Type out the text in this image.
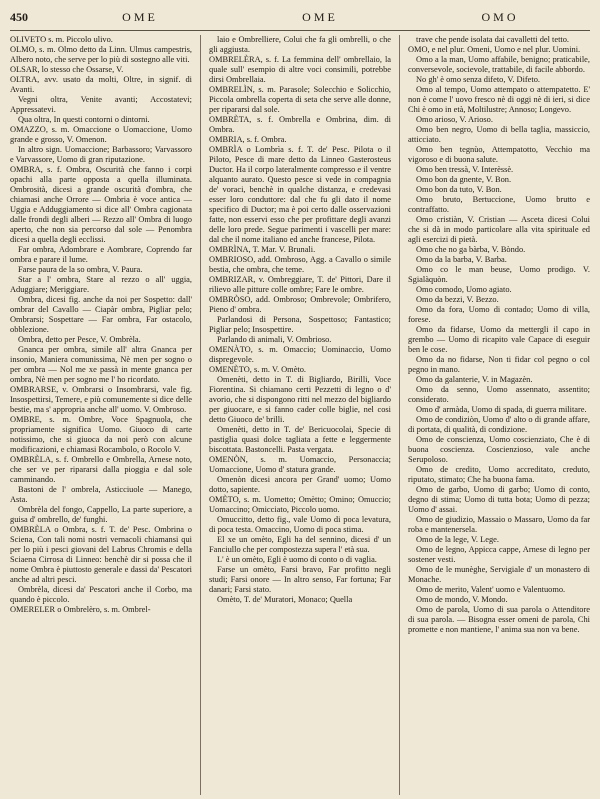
450	OME	OME	OMO

OLIVETO s. m. Piccolo ulivo.

OLMO, s. m. Olmo detto da Linn. Ulmus campestris, Albero noto, che serve per lo più di sostegno alle viti.

OLSAR, lo stesso che Ossarse, V.

OLTRA, avv. usato da molti, Oltre, in signif. di Avanti.

Vegni oltra, Venite avanti; Accostatevi; Appressatevi.

Qua oltra, In questi contorni o dintorni.

OMAZZO, s. m. Omaccione o Uomaccione, Uomo grande e grosso, V. Omenon.

In altro sign. Uomaccione; Barbassoro; Varvassoro e Varvassore, Uomo di gran riputazione.

OMBRA, s. f. Ombra, Oscurità che fanno i corpi opachi alla parte opposta a quella illuminata. Ombrosità, dicesi a grande oscurità d'ombra, che chiamasi anche Orrore — Ombria è voce antica — Uggia e Adduggiamento si dice all' Ombra cagionata dalle frondi degli alberi — Rezzo all' Ombra di luogo aperto, che non sia percorso dal sole — Penombra dicesi a quella degli ecclissi.

Far ombra, Adombrare e Aombrare, Coprendo far ombra e parare il lume.

Farse paura de la so ombra, V. Paura.

Star a l' ombra, Stare al rezzo o all' uggia, Aduggiare; Meriggiare.

Ombra, dicesi fig. anche da noi per Sospetto: dall' ombrar del Cavallo — Ciapàr ombra, Pigliar pelo; Ombrarsi; Sospettare — Far ombra, Far ostacolo, obblezione.

Ombra, detto per Pesce, V. Ombrèla.

Gnanca per ombra, simile all' altra Gnanca per insonio, Maniera comunissima, Nè men per sogno o per ombra — Nol me xe passà in mente gnanca per ombra, Nè men per sogno me l' ho ricordato.

OMBRARSE, v. Ombrarsi o Insombrarsi, vale fig. Insospettirsi, Temere, e più comunemente si dice delle bestie, ma s' appropria anche all' uomo. V. Ombroso.

OMBRE, s. m. Ombre, Voce Spagnuola, che propriamente significa Uomo. Giuoco di carte notissimo, che si giuoca da noi però con alcune modificazioni, e chiamasi Rocambolo, o Rocolo V.

OMBRÈLA, s. f. Ombrello e Ombrella, Arnese noto, che ser ve per ripararsi dalla pioggia e dal sole camminando.

Bastoni de l' ombrela, Asticciuole — Manego, Asta.

Ombrèla del fongo, Cappello, La parte superiore, a guisa d' ombrello, de' funghi.

OMBRÈLA o Ombra, s. f. T. de' Pesc. Ombrina o Sciena, Con tali nomi nostri vernacoli chiamansi qui per lo più i pesci giovani del Labrus Chromis e della Sciaena Cirrosa di Linneo: benchè dir si possa che il nome Ombra è piuttosto generale e dassi da' Pescatori anche ad altri pesci.

Ombrèla, dicesi da' Pescatori anche il Corbo, ma quando è piccolo.

OMERELER o Ombrelèro, s. m. Ombrel-

laio e Ombrelliere, Colui che fa gli ombrelli, o che gli aggiusta.

OMBRELÈRA, s. f. La femmina dell' ombrellaio, la quale sull' esempio di altre voci consimili, potrebbe dirsi Ombrellaia.

OMBRELÌN, s. m. Parasole; Solecchio e Solicchio, Piccola ombrella coperta di seta che serve alle donne, per ripararsi dal sole.

OMBRÈTA, s. f. Ombrella e Ombrina, dim. di Ombra.

OMBRIA, s. f. Ombra.

OMBRÌA o Lombrìa s. f. T. de' Pesc. Pilota o il Piloto, Pesce di mare detto da Linneo Gasterosteus Ductor. Ha il corpo lateralmente compresso e il ventre alquanto aurato. Questo pesce si vede in compagnia de' voraci, benchè in qualche distanza, e credevasi esser loro conduttore: dal che fu gli dato il nome specifico di Ductor; ma è poi certo dalle osservazioni fatte, non esservi esso che per profittare degli avanzi delle loro prede. Segue parimenti i vascelli per mare: dal che il nome italiano ed anche francese, Pilota.

OMBRÌNA, T. Mar. V. Brunali.

OMBRIOSO, add. Ombroso, Agg. a Cavallo o simile bestia, che ombra, che teme.

OMBRIZAR, v. Ombreggiare, T. de' Pittori, Dare il rilievo alle pitture colle ombre; Fare le ombre.

OMBRÒSO, add. Ombroso; Ombrevole; Ombrifero, Pieno d' ombra.

Parlandosi di Persona, Sospettoso; Fantastico; Pigliar pelo; Insospettire.

Parlando di animali, V. Ombrioso.

OMENÀTO, s. m. Omaccio; Uominaccio, Uomo dispregevole.

OMENÈTO, s. m. V. Omèto.

Omenèti, detto in T. di Bigliardo, Birilli, Voce Fiorentina. Si chiamano certi Pezzetti di legno o d' avorio, che si dispongono ritti nel mezzo del bigliardo per giuocare, e si fanno cader colle biglie, nel cosi detto Giuoco de' brilli.

Omenèti, detto in T. de' Bericuocolai, Specie di pastiglia quasi dolce tagliata a fette e leggermente biscottata. Bastoncelli. Pasta vergata.

OMENÒN, s. m. Uomaccio, Personaccia; Uomaccione, Uomo d' statura grande.

Omenòn dicesi ancora per Grand' uomo; Uomo dotto, sapiente.

OMÈTO, s. m. Uometto; Omètto; Omino; Omuccio; Uomaccino; Omicciato, Piccolo uomo.

Omuccitto, detto fig., vale Uomo di poca levatura, di poca testa. Omaccino, Uomo di poca stima.

El xe un omèto, Egli ha del sennino, dicesi d' un Fanciullo che per compostezza supera l' età sua.

L' è un omèto, Egli è uomo di conto o di vaglia.

Farse un omèto, Farsi bravo, Far profitto negli studi; Farsi onore — In altro senso, Far fortuna; Far danari; Farsi stato.

Omèto, T. de' Muratori, Monaco; Quella

trave che pende isolata dai cavalletti del tetto.

OMO, e nel plur. Omeni, Uomo e nel plur. Uomini.

Omo a la man, Uomo affabile, benigno; praticabile, conversevole, socievole, trattabile, di facile abbordo.

No gh' è omo senza difeto, V. Difeto.

Omo al tempo, Uomo attempato o attempatetto. E' non è come l' uovo fresco nè di oggi nè di ieri, si dice Chi è omo in età, Moltilustre; Annoso; Longevo.

Omo arioso, V. Arioso.

Omo ben negro, Uomo di bella taglia, massiccio, atticciato.

Omo ben tegnùo, Attempatotto, Vecchio ma vigoroso e di buona salute.

Omo ben tressà, V. Interèssè.

Omo bon da gnente, V. Bon.

Omo bon da tuto, V. Bon.

Omo bruto, Bertuccione, Uomo brutto e contraffatto.

Omo cristiàn, V. Cristian — Asceta dicesi Colui che si dà in modo particolare alla vita spirituale ed agli esercizi di pietà.

Omo che no ga bàrba, V. Bòndo.

Omo da la barba, V. Barba.

Omo co le man beuse, Uomo prodigo. V. Sgialàquòn.

Omo comodo, Uomo agiato.

Omo da bezzi, V. Bezzo.

Omo da fora, Uomo di contado; Uomo di villa, forese.

Omo da fidarse, Uomo da mettergli il capo in grembo — Uomo di ricapito vale Capace di eseguir ben le cose.

Omo da no fidarse, Non ti fidar col pegno o col pegno in mano.

Omo da galanterie, V. in Magazèn.

Omo da senno, Uomo assennato, assentito; considerato.

Omo d' armàda, Uomo di spada, di guerra militare.

Omo de condiziòn, Uomo d' alto o di grande affare, di portata, di qualità, di condizione.

Omo de conscienza, Uomo coscienziato, Che è di buona coscienza. Coscienzioso, vale anche Serupoloso.

Omo de credito, Uomo accreditato, creduto, riputato, stimato; Che ha buona fama.

Omo de garbo, Uomo di garbo; Uomo di conto, degno di stima; Uomo di tutta bota; Uomo di pezza; Uomo d' assai.

Omo de giudizio, Massaio o Massaro, Uomo da far roba e mantenersela.

Omo de la lege, V. Lege.

Omo de legno, Appicca cappe, Arnese di legno per sostener vesti.

Omo de le munèghe, Servigiale d' un monastero di Monache.

Omo de merito, Valent' uomo e Valentuomo.

Omo de mondo, V. Mondo.

Omo de parola, Uomo di sua parola o Attenditore di sua parola. — Bisogna esser omeni de parola, Chi promette e non mantiene, l' anima sua non va bene.
